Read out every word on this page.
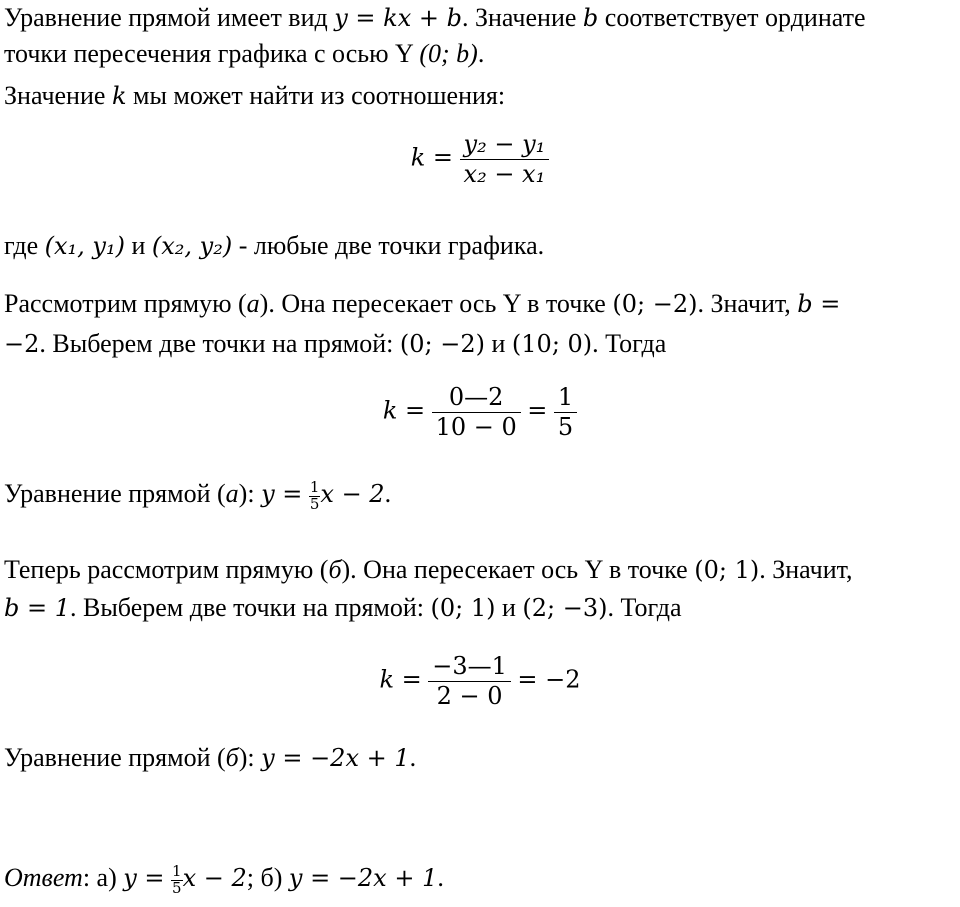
Уравнение прямой имеет вид y = kx + b. Значение b соответствует ординате
точки пересечения графика с осью Y (0; b).
Значение k мы может найти из соотношения:
$k = \frac{\text{y₂ − y₁}}{\text{x₂ − x₁}}$
где (x₁, y₁) и (x₂, y₂) - любые две точки графика.
Рассмотрим прямую (а). Она пересекает ось Y в точке (0; −2). Значит, b =
−2. Выберем две точки на прямой: (0; −2) и (10; 0). Тогда
$k = \frac{0—2}{10 - 0} = \frac{1}{5}$
Уравнение прямой (а): $y = \frac{1}{5}$ x − 2.
Теперь рассмотрим прямую (б). Она пересекает ось Y в точке (0; 1). Значит,
b = 1. Выберем две точки на прямой: (0; 1) и (2; −3). Тогда
$k = \frac{-3—1}{2 - 0} = -2$
Уравнение прямой (б): y = −2x + 1.
Ответ: а) $y = \frac{1}{5}$ x − 2; б) y = −2x + 1.
